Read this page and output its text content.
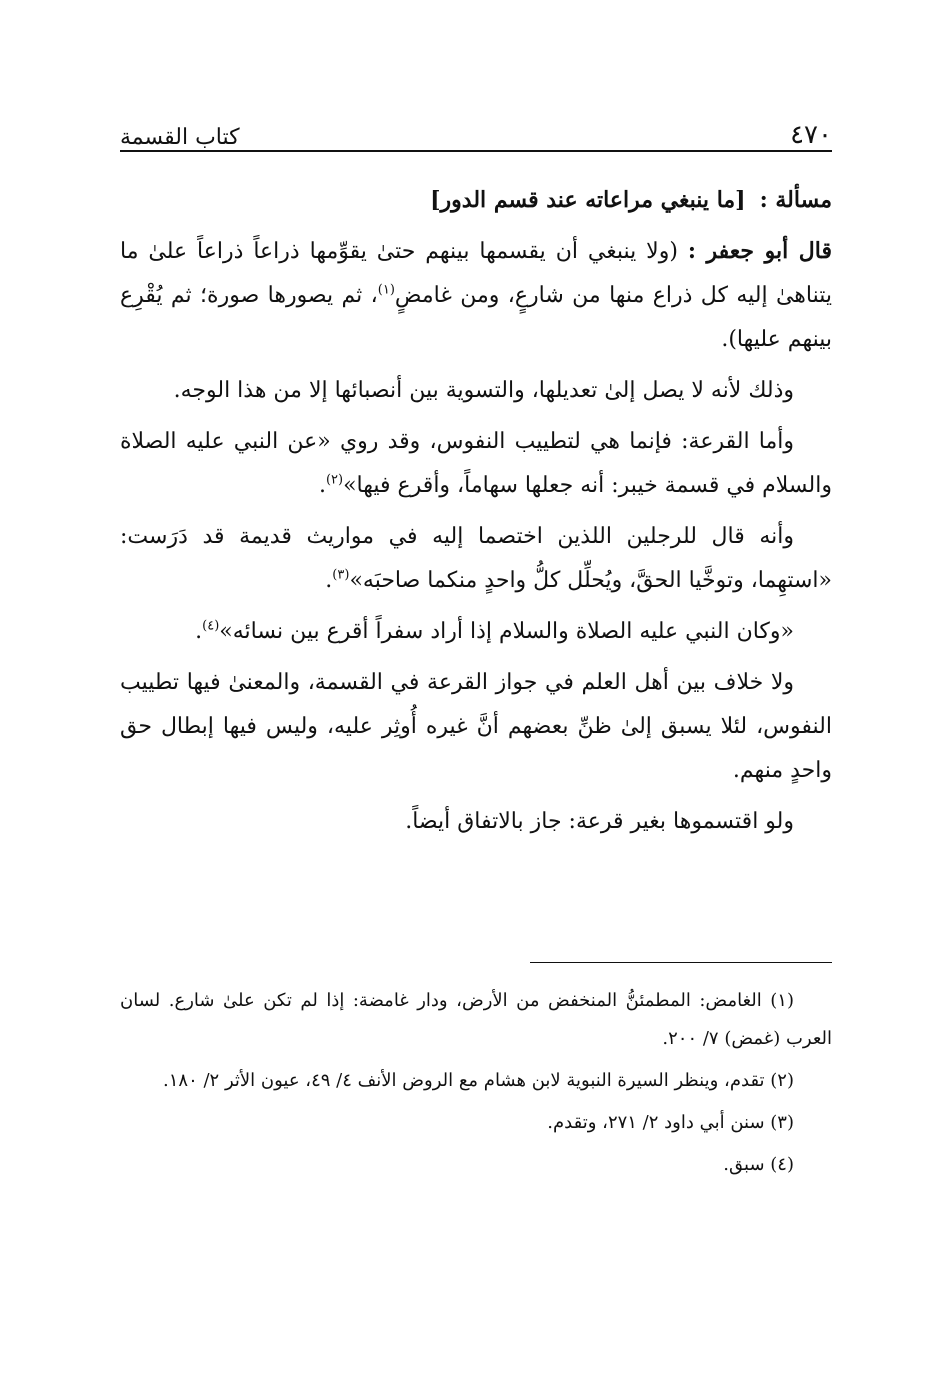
٤٧٠
كتاب القسمة

مسألة :  [ما ينبغي مراعاته عند قسم الدور]

قال أبو جعفر : (ولا ينبغي أن يقسمها بينهم حتىٰ يقوِّمها ذراعاً ذراعاً علىٰ ما يتناهىٰ إليه كل ذراع منها من شارعٍ، ومن غامضٍ$^{(١)}$، ثم يصورها صورة؛ ثم يُقْرِع بينهم عليها).

وذلك لأنه لا يصل إلىٰ تعديلها، والتسوية بين أنصبائها إلا من هذا الوجه.

وأما القرعة: فإنما هي لتطييب النفوس، وقد روي «عن النبي عليه الصلاة والسلام في قسمة خيبر: أنه جعلها سهاماً، وأقرع فيها»$^{(٢)}$.

وأنه قال للرجلين اللذين اختصما إليه في مواريث قديمة قد دَرَست: «استهِما، وتوخَّيا الحقَّ، ويُحلِّل كلُّ واحدٍ منكما صاحبَه»$^{(٣)}$.

«وكان النبي عليه الصلاة والسلام إذا أراد سفراً أقرع بين نسائه»$^{(٤)}$.

ولا خلاف بين أهل العلم في جواز القرعة في القسمة، والمعنىٰ فيها تطييب النفوس، لئلا يسبق إلىٰ ظنِّ بعضهم أنَّ غيره أُوثِر عليه، وليس فيها إبطال حق واحدٍ منهم.

ولو اقتسموها بغير قرعة: جاز بالاتفاق أيضاً.

(١) الغامض: المطمئنُّ المنخفض من الأرض، ودار غامضة: إذا لم تكن علىٰ شارع. لسان العرب (غمض) ٧/ ٢٠٠.

(٢) تقدم، وينظر السيرة النبوية لابن هشام مع الروض الأنف ٤/ ٤٩، عيون الأثر ٢/ ١٨٠.

(٣) سنن أبي داود ٢/ ٢٧١، وتقدم.

(٤) سبق.
